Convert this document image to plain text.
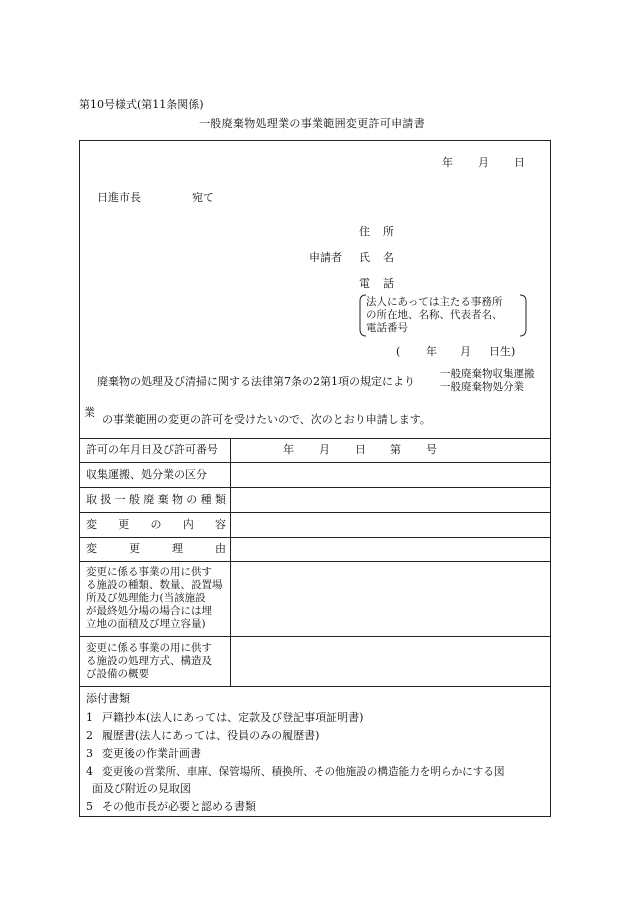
第10号様式(第11条関係)
一般廃棄物処理業の事業範囲変更許可申請書
年 月 日
日進市長	宛て
住 所
申請者 氏 名
電 話
法人にあっては主たる事務所
の所在地、名称、代表者名、
電話番号
( 年 月 日生)
廃棄物の処理及び清掃に関する法律第7条の2第1項の規定により
一般廃棄物収集運搬
一般廃棄物処分業
業
の事業範囲の変更の許可を受けたいので、次のとおり申請します。
許可の年月日及び許可番号	年 月 日 第 号
収集運搬、処分業の区分
取 扱 一 般 廃 棄 物 の 種 類
変 更 の 内 容
変	更	理	由
変更に係る事業の用に供す
る施設の種類、数量、設置場
所及び処理能力(当該施設
が最終処分場の場合には埋
立地の面積及び埋立容量)
変更に係る事業の用に供す
る施設の処理方式、構造及
び設備の概要
添付書類
1 戸籍抄本(法人にあっては、定款及び登記事項証明書)
2 履歴書(法人にあっては、役員のみの履歴書)
3 変更後の作業計画書
4 変更後の営業所、車庫、保管場所、積換所、その他施設の構造能力を明らかにする図
面及び附近の見取図
5 その他市長が必要と認める書類
